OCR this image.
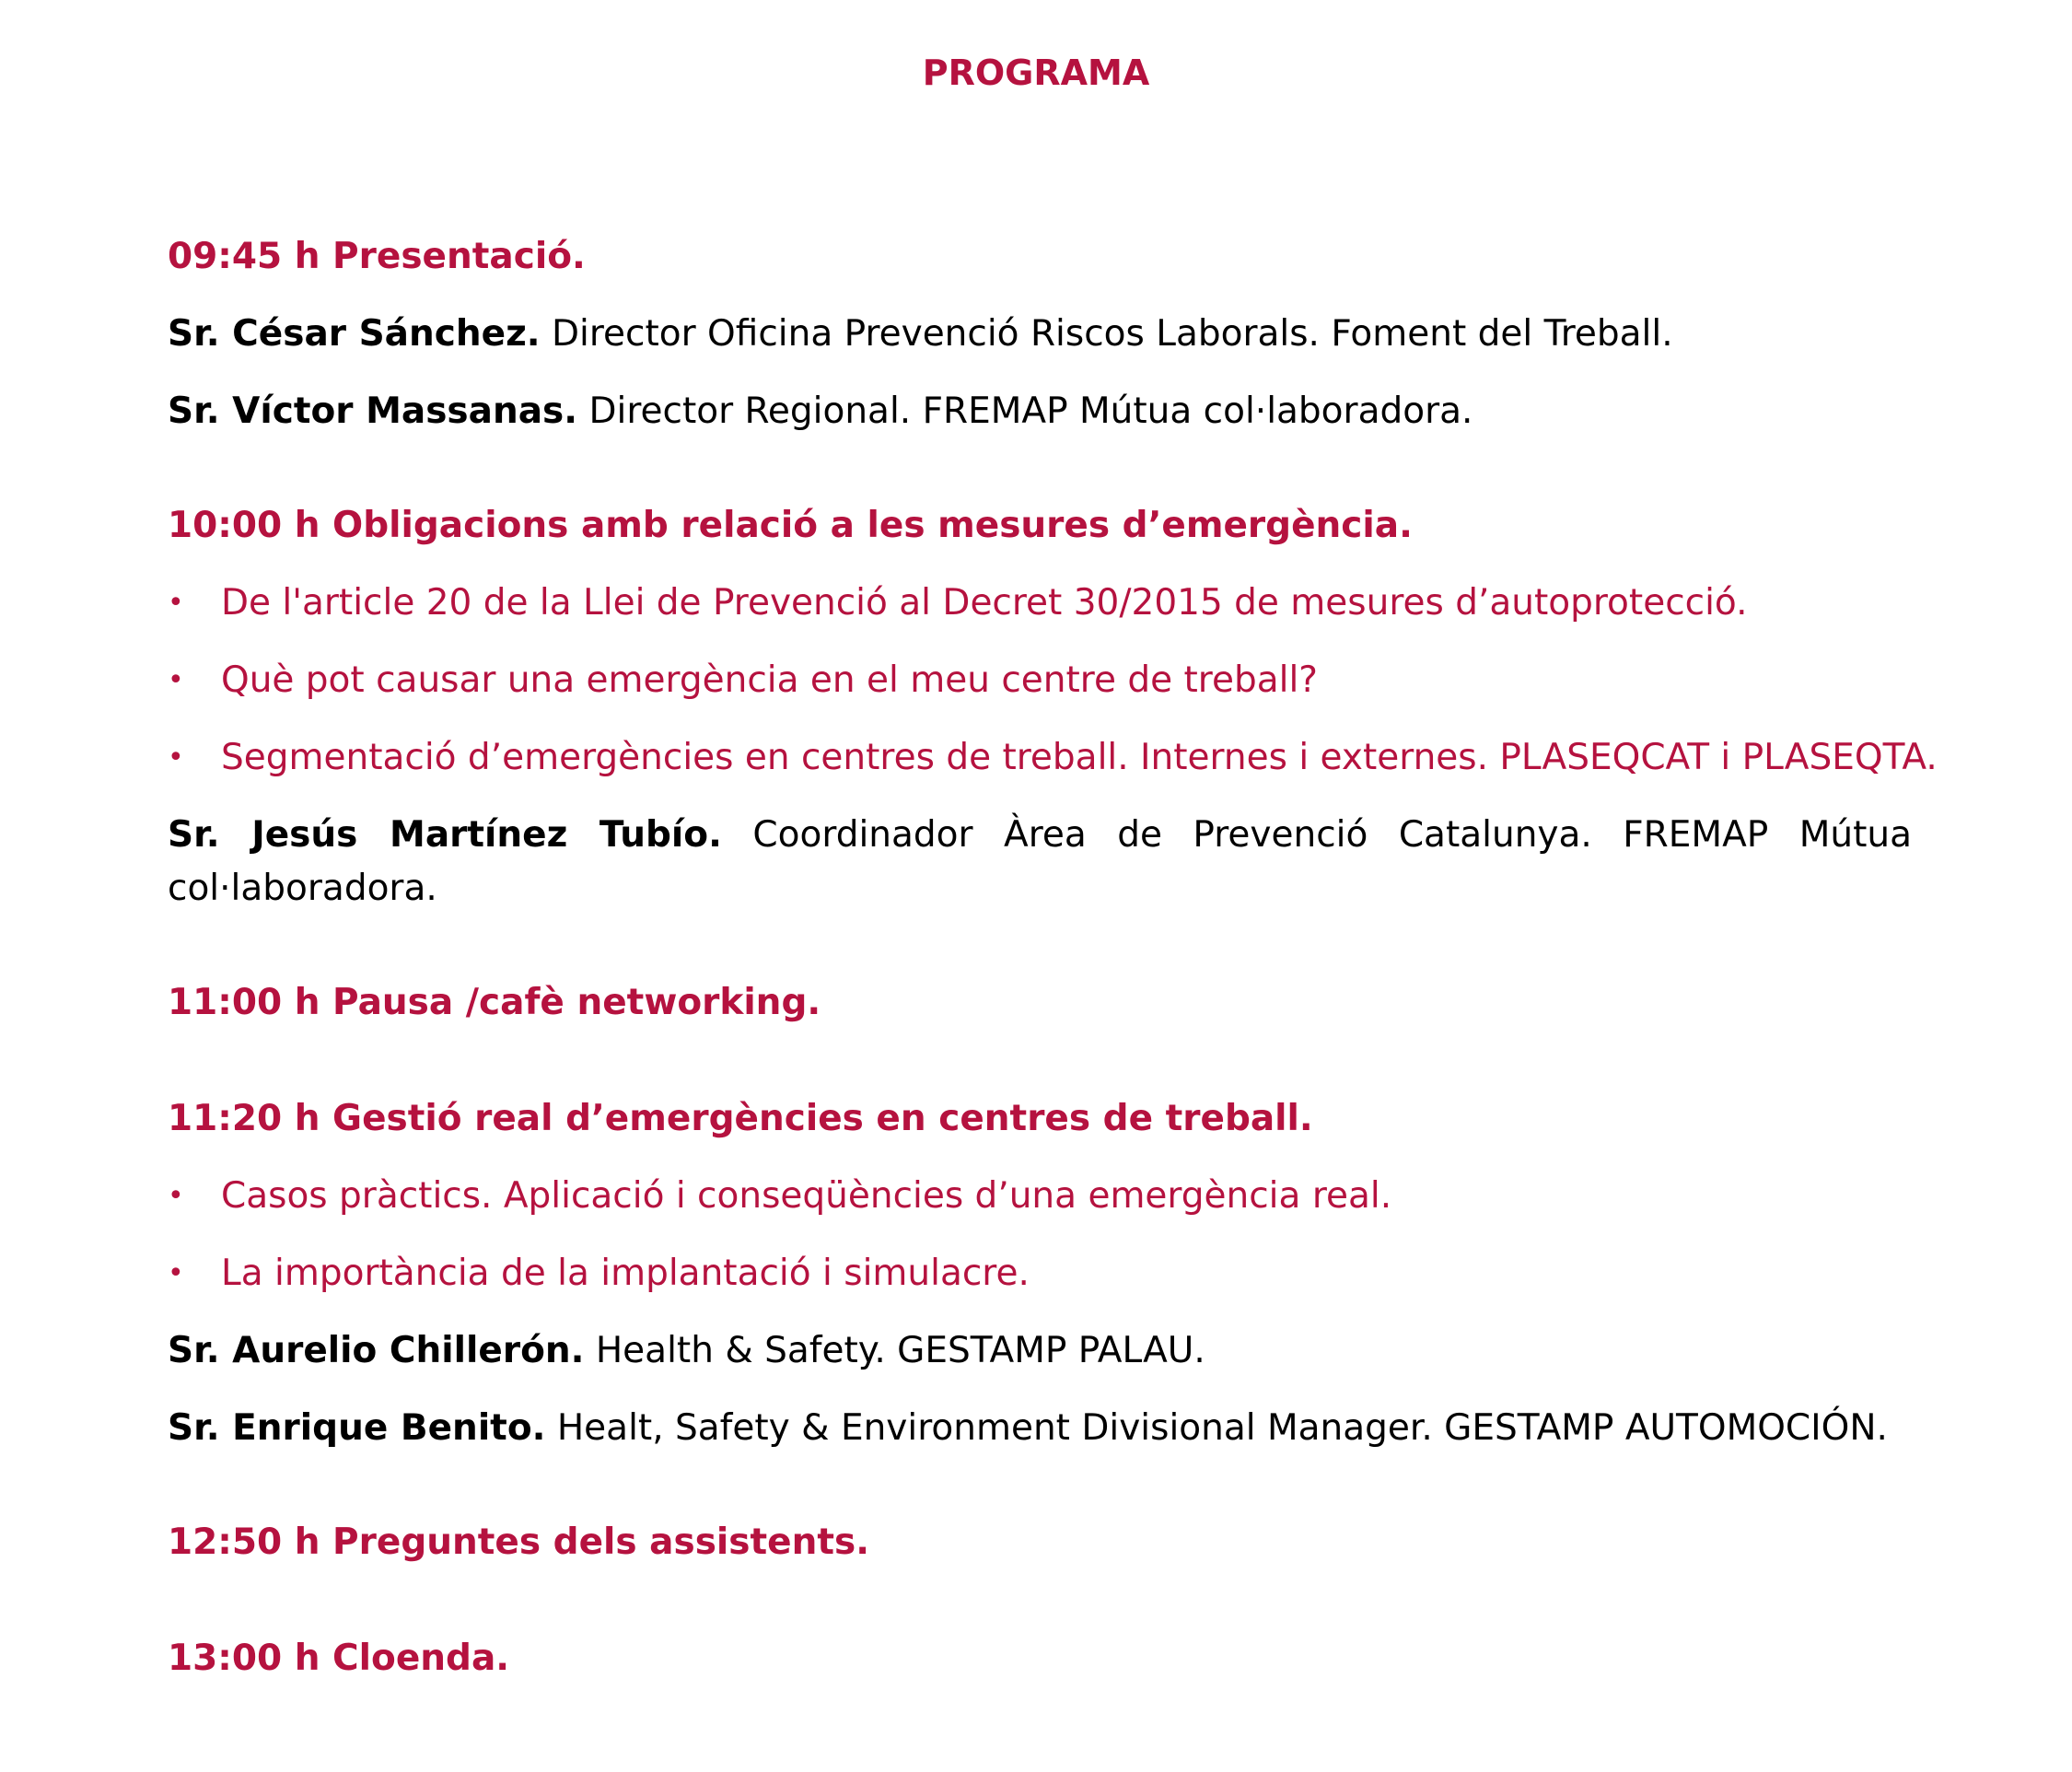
PROGRAMA

09:45 h Presentació.

Sr. César Sánchez. Director Oficina Prevenció Riscos Laborals. Foment del Treball.

Sr. Víctor Massanas. Director Regional. FREMAP Mútua col·laboradora.

10:00 h Obligacions amb relació a les mesures d’emergència.

• De l'article 20 de la Llei de Prevenció al Decret 30/2015 de mesures d’autoprotecció.

• Què pot causar una emergència en el meu centre de treball?

• Segmentació d’emergències en centres de treball. Internes i externes. PLASEQCAT i PLASEQTA.

Sr. Jesús Martínez Tubío. Coordinador Àrea de Prevenció Catalunya. FREMAP Mútua col·laboradora.

11:00 h Pausa /cafè networking.

11:20 h Gestió real d’emergències en centres de treball.

• Casos pràctics. Aplicació i conseqüències d’una emergència real.

• La importància de la implantació i simulacre.

Sr. Aurelio Chillerón. Health & Safety. GESTAMP PALAU.

Sr. Enrique Benito. Healt, Safety & Environment Divisional Manager. GESTAMP AUTOMOCIÓN.

12:50 h Preguntes dels assistents.

13:00 h Cloenda.
